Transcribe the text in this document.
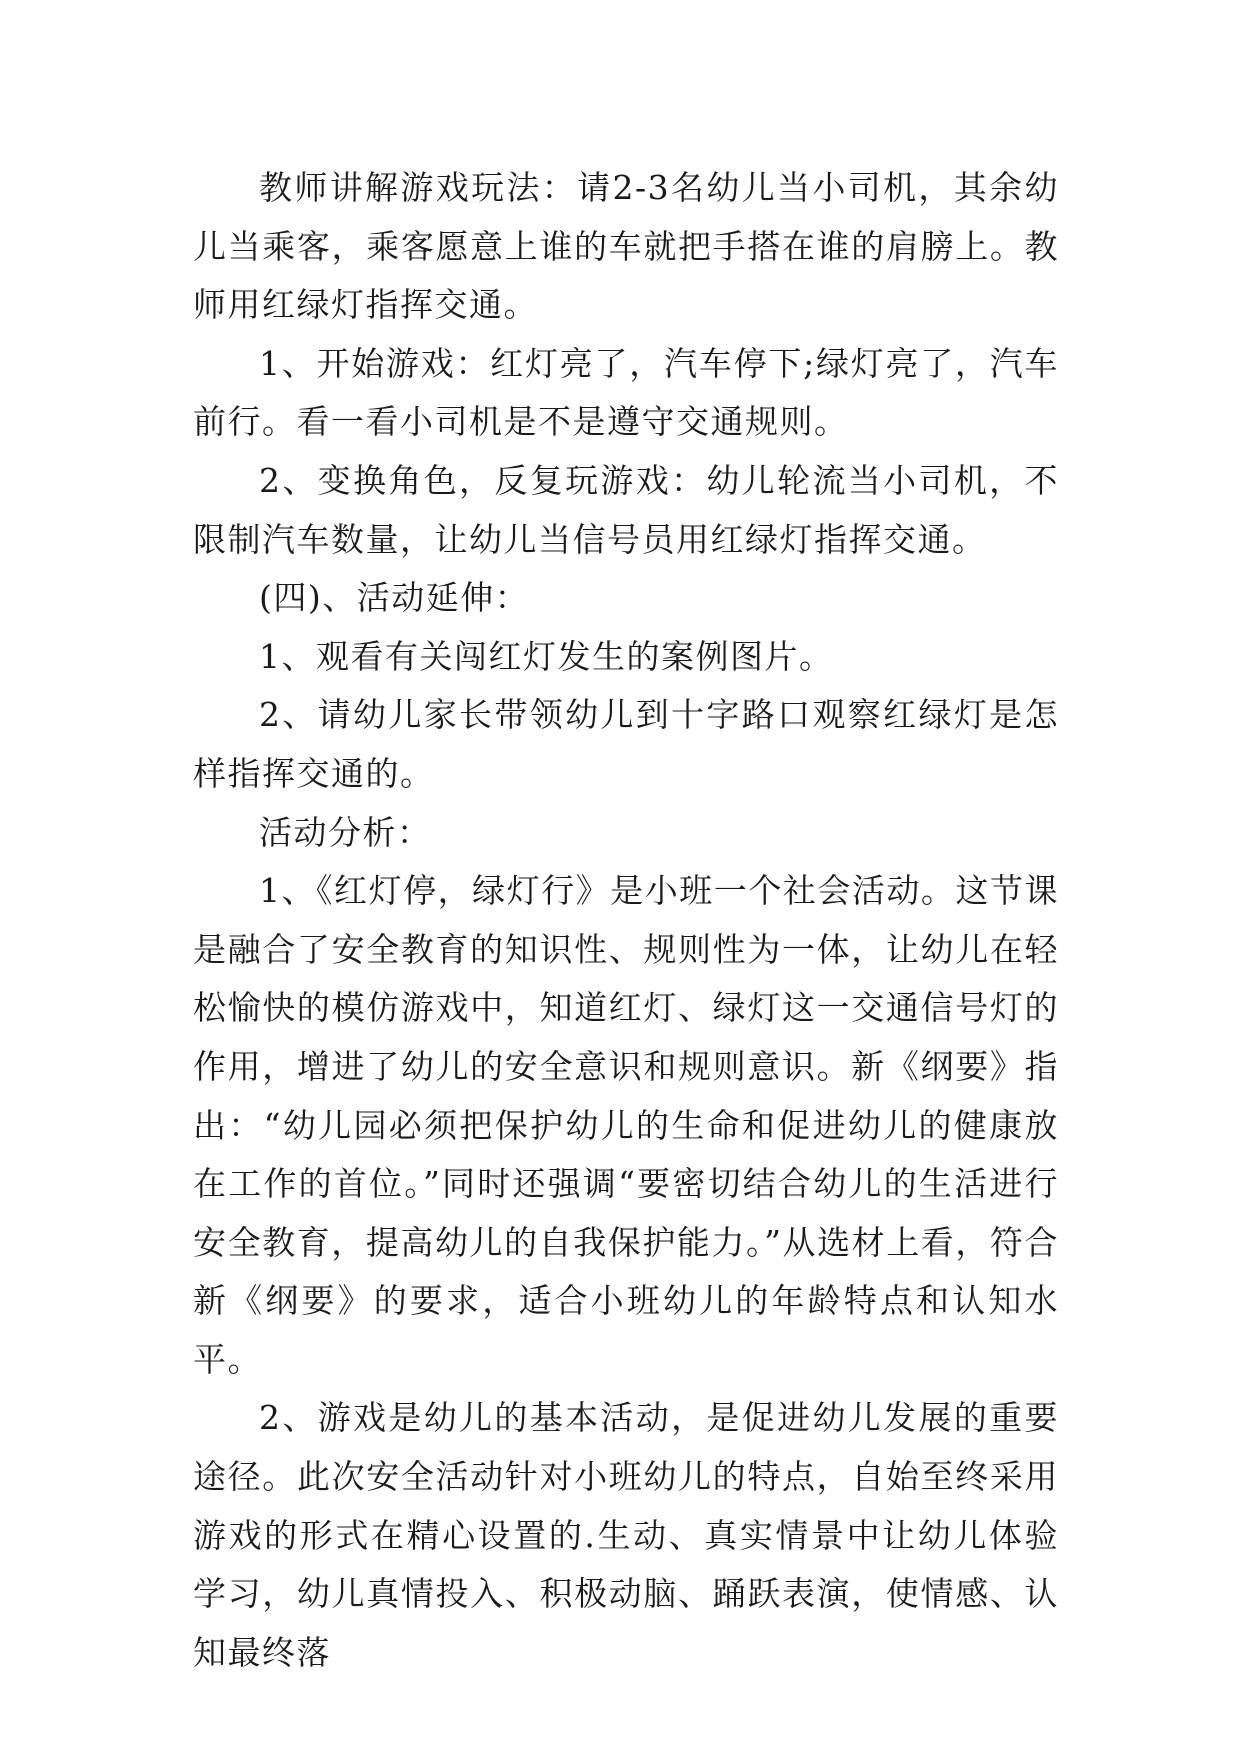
教师讲解游戏玩法：请2-3名幼儿当小司机，其余幼儿当乘客，乘客愿意上谁的车就把手搭在谁的肩膀上。教师用红绿灯指挥交通。

1、开始游戏：红灯亮了，汽车停下;绿灯亮了，汽车前行。看一看小司机是不是遵守交通规则。

2、变换角色，反复玩游戏：幼儿轮流当小司机，不限制汽车数量，让幼儿当信号员用红绿灯指挥交通。

(四)、活动延伸：

1、观看有关闯红灯发生的案例图片。

2、请幼儿家长带领幼儿到十字路口观察红绿灯是怎样指挥交通的。

活动分析：

1、《红灯停，绿灯行》是小班一个社会活动。这节课是融合了安全教育的知识性、规则性为一体，让幼儿在轻松愉快的模仿游戏中，知道红灯、绿灯这一交通信号灯的作用，增进了幼儿的安全意识和规则意识。新《纲要》指出：“幼儿园必须把保护幼儿的生命和促进幼儿的健康放在工作的首位。”同时还强调“要密切结合幼儿的生活进行安全教育，提高幼儿的自我保护能力。”从选材上看，符合新《纲要》的要求，适合小班幼儿的年龄特点和认知水平。

2、游戏是幼儿的基本活动，是促进幼儿发展的重要途径。此次安全活动针对小班幼儿的特点，自始至终采用游戏的形式在精心设置的.生动、真实情景中让幼儿体验学习，幼儿真情投入、积极动脑、踊跃表演，使情感、认知最终落
